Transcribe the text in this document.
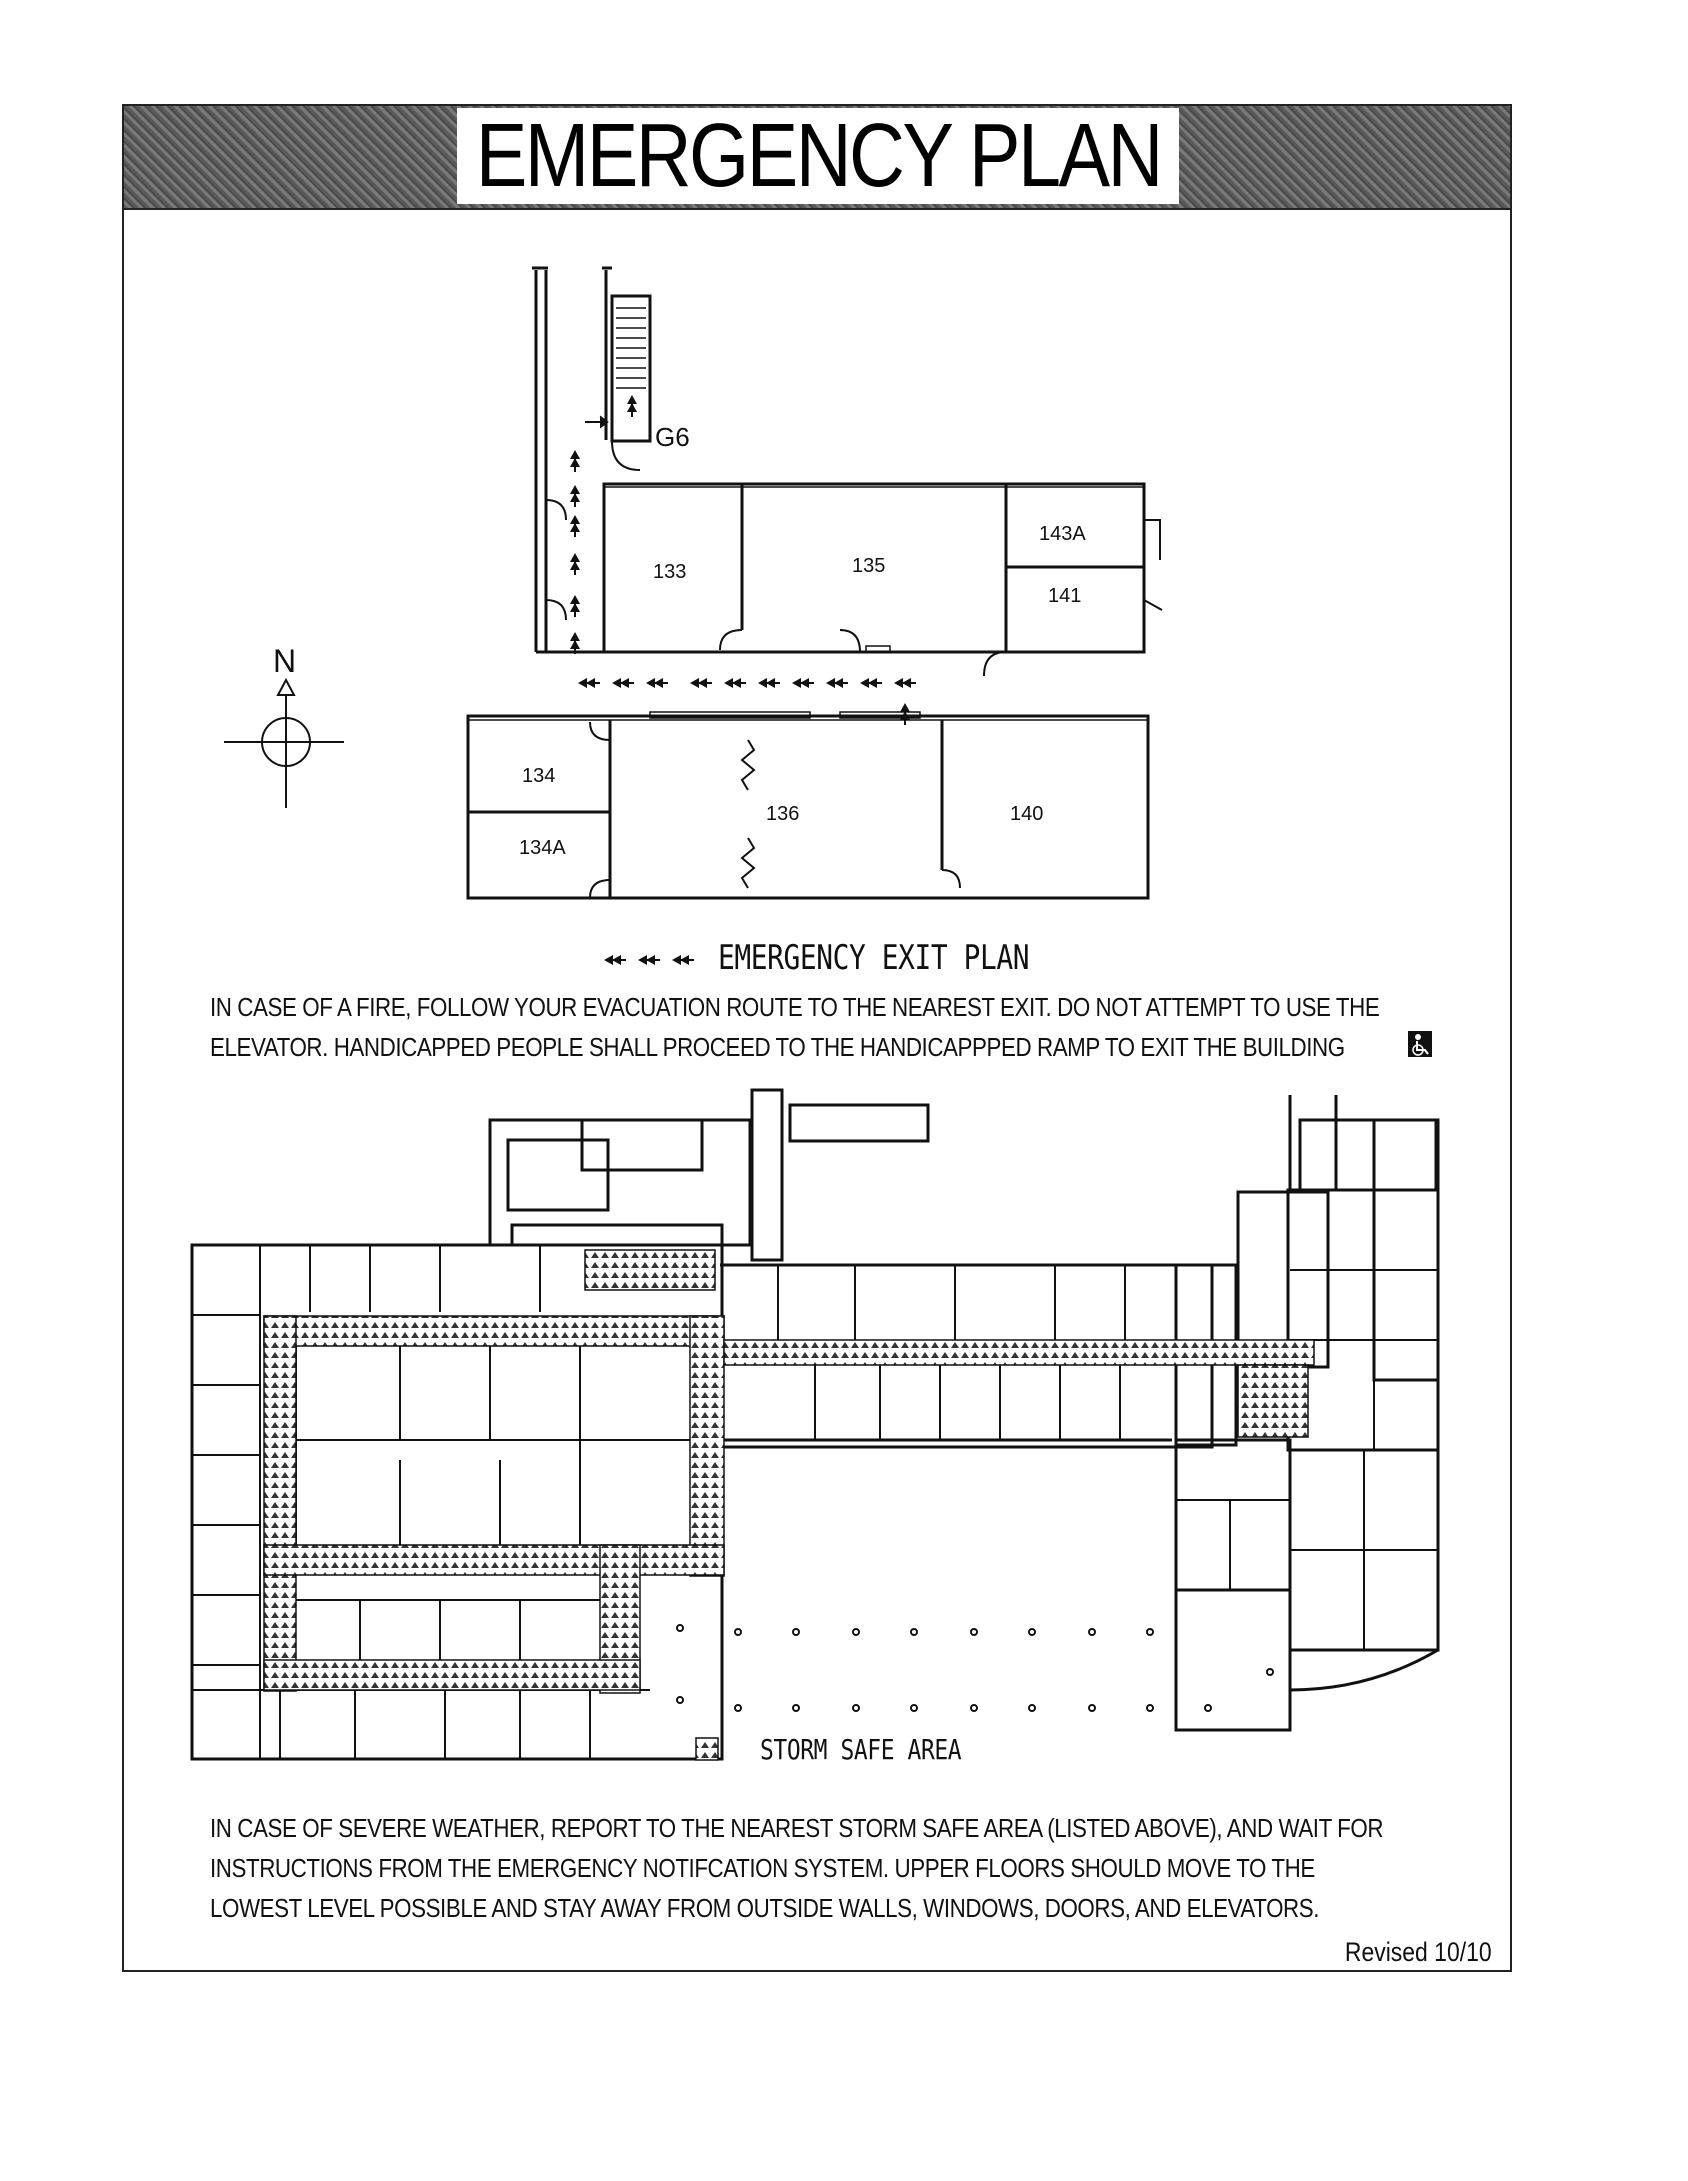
EMERGENCY PLAN
G6
133	135
143A
141
134
134A
136	140
N
EMERGENCY EXIT PLAN
IN CASE OF A FIRE, FOLLOW YOUR EVACUATION ROUTE TO THE NEAREST EXIT. DO NOT ATTEMPT TO USE THE
ELEVATOR. HANDICAPPED PEOPLE SHALL PROCEED TO THE HANDICAPPPED RAMP TO EXIT THE BUILDING
STORM SAFE AREA
IN CASE OF SEVERE WEATHER, REPORT TO THE NEAREST STORM SAFE AREA (LISTED ABOVE), AND WAIT FOR
INSTRUCTIONS FROM THE EMERGENCY NOTIFCATION SYSTEM. UPPER FLOORS SHOULD MOVE TO THE
LOWEST LEVEL POSSIBLE AND STAY AWAY FROM OUTSIDE WALLS, WINDOWS, DOORS, AND ELEVATORS.
Revised 10/10
